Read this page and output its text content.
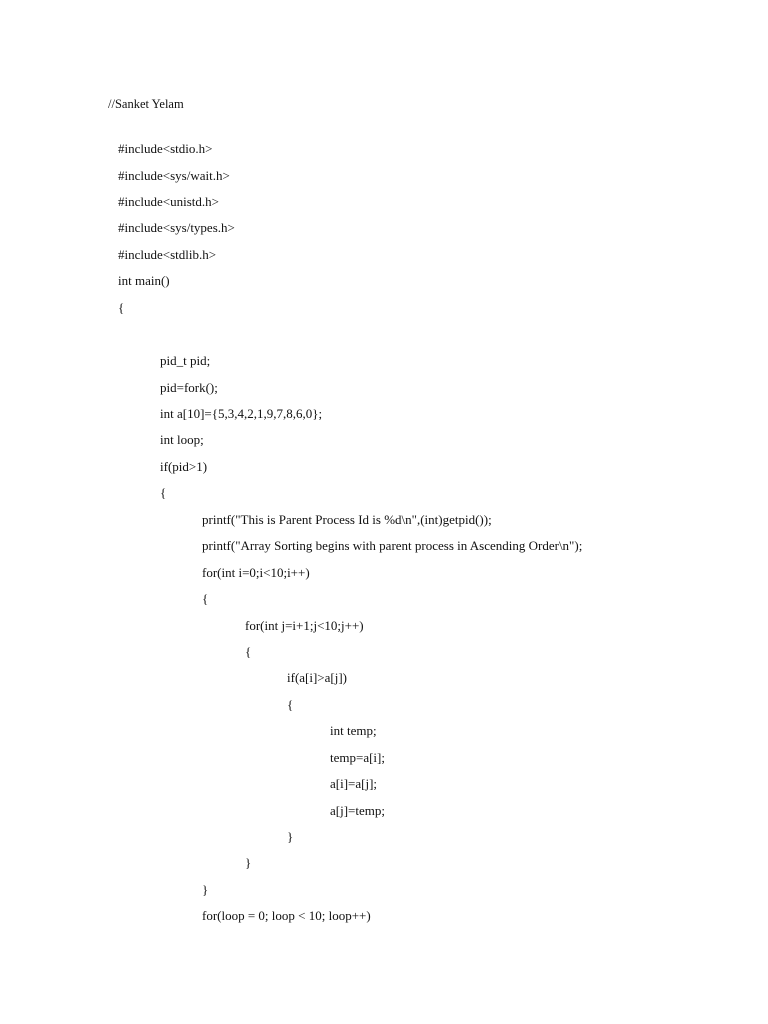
//Sanket Yelam
#include<stdio.h>
#include<sys/wait.h>
#include<unistd.h>
#include<sys/types.h>
#include<stdlib.h>
int main()
{
pid_t pid;
pid=fork();
int a[10]={5,3,4,2,1,9,7,8,6,0};
int loop;
if(pid>1)
{
printf("This is Parent Process Id is %d\n",(int)getpid());
printf("Array Sorting begins with parent process in Ascending Order\n");
for(int i=0;i<10;i++)
{
for(int j=i+1;j<10;j++)
{
if(a[i]>a[j])
{
int temp;
temp=a[i];
a[i]=a[j];
a[j]=temp;
}
}
}
for(loop = 0; loop < 10; loop++)
